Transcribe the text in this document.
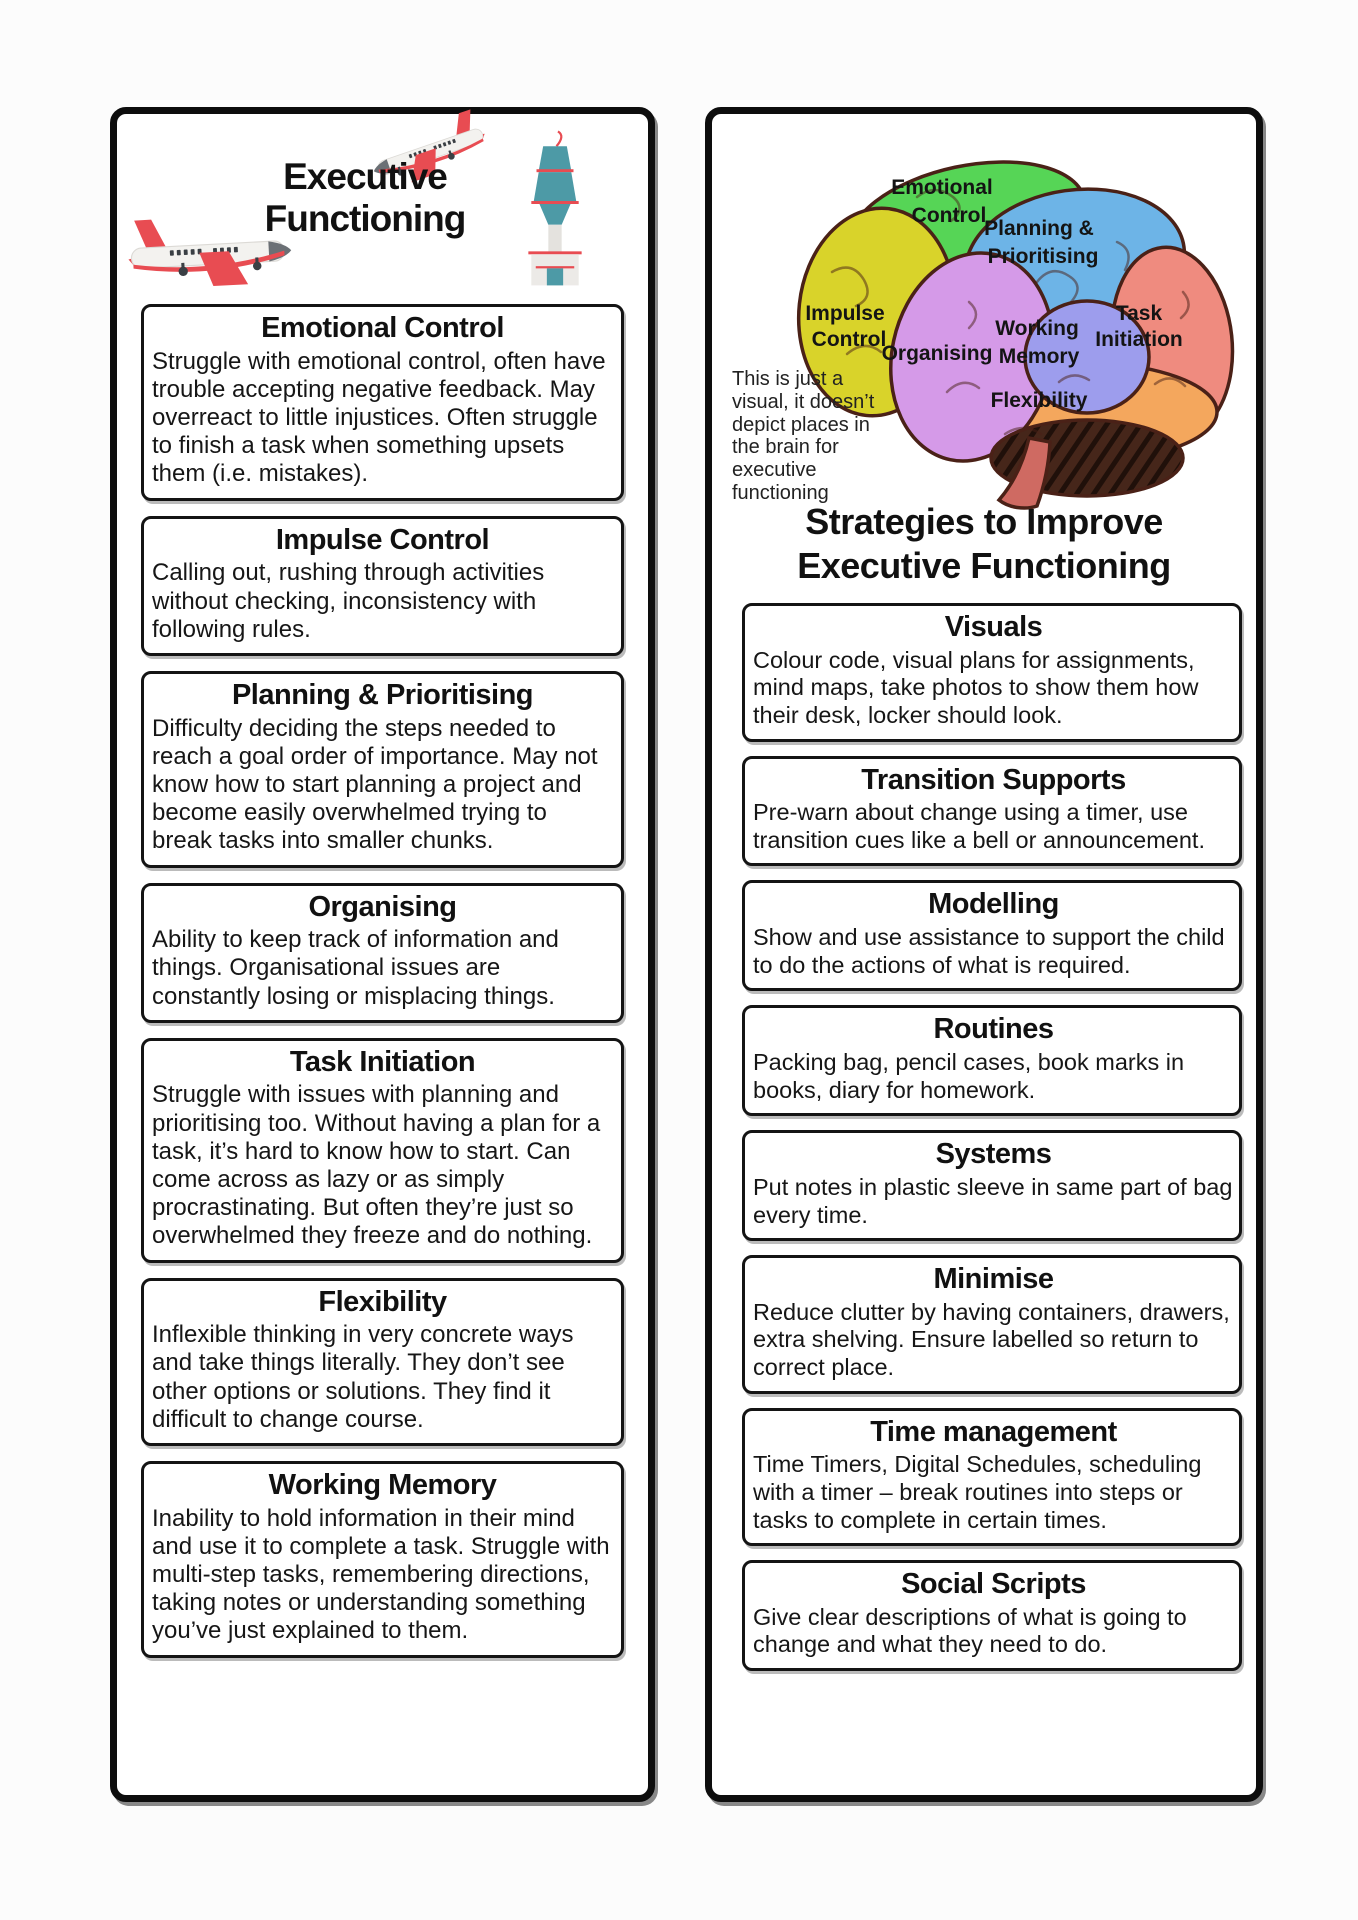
Executive Functioning
Emotional Control

Struggle with emotional control, often have trouble accepting negative feedback. May overreact to little injustices. Often struggle to finish a task when something upsets them (i.e. mistakes).

Impulse Control

Calling out, rushing through activities without checking, inconsistency with following rules.

Planning & Prioritising

Difficulty deciding the steps needed to reach a goal order of importance. May not know how to start planning a project and become easily overwhelmed trying to break tasks into smaller chunks.

Organising

Ability to keep track of information and things. Organisational issues are constantly losing or misplacing things.

Task Initiation

Struggle with issues with planning and prioritising too. Without having a plan for a task, it’s hard to know how to start. Can come across as lazy or as simply procrastinating. But often they’re just so overwhelmed they freeze and do nothing.

Flexibility

Inflexible thinking in very concrete ways and take things literally. They don’t see other options or solutions. They find it difficult to change course.

Working Memory

Inability to hold information in their mind and use it to complete a task. Struggle with multi-step tasks, remembering directions, taking notes or understanding something you’ve just explained to them.

Emotional
Control
Planning &
Prioritising
Impulse
Control
Organising
Working
Memory
Task
Initiation
Flexibility

This is just a visual, it doesn’t depict places in the brain for executive functioning

Strategies to Improve
Executive Functioning
Visuals

Colour code, visual plans for assignments, mind maps, take photos to show them how their desk, locker should look.

Transition Supports

Pre-warn about change using a timer, use transition cues like a bell or announcement.

Modelling

Show and use assistance to support the child to do the actions of what is required.

Routines

Packing bag, pencil cases, book marks in books, diary for homework.

Systems

Put notes in plastic sleeve in same part of bag every time.

Minimise

Reduce clutter by having containers, drawers, extra shelving. Ensure labelled so return to correct place.

Time management

Time Timers, Digital Schedules, scheduling with a timer – break routines into steps or tasks to complete in certain times.

Social Scripts

Give clear descriptions of what is going to change and what they need to do.
